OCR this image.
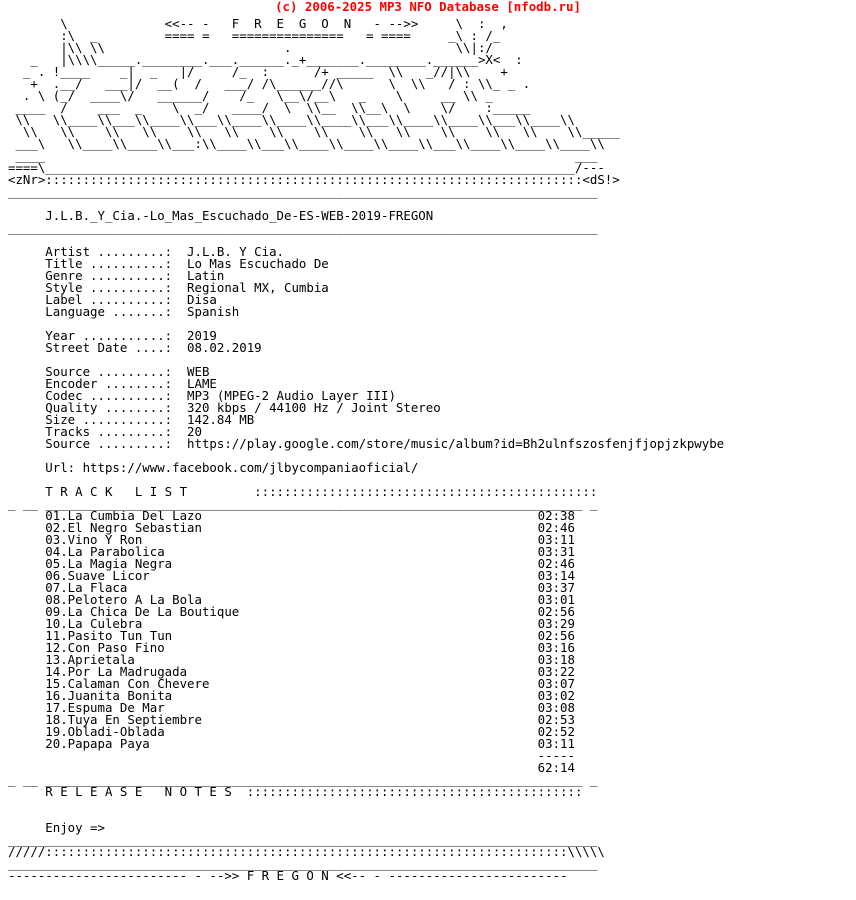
(c) 2006-2025 MP3 NFO Database [nfodb.ru]
\             <<-- -   F  R  E  G  O  N   - -->>     \  :  ,
:\  _         ==== =   ===============   = ====     _\ : /_
|\\ \\                        .                      \\|:/
_   |\\\\_____.________.___.______._+_______.________.______>X<  :
_ . !____    _|  _   |/     /_  :      /+ _____  \\   _//|\\    +
+  .__/   ___|/  __(  /   ___/ /\______//\      \  \\   / : \\_ _ .
. \ (_/  ____\/   ______/    /_   \__\/__\   _    \     __ \\ _
____  /    ___  _    \  _/   ____/  \  \\__  \\__\  \    \/    :_____
\\   \\____\\___\\____\\___\\____\\____\\____\\___\\____\\____\\___\\____\\
\\   \\    \\   \\    \\   \\    \\    \\    \\   \\    \\    \\   \\    \\_____
___\   \\____\\____\\___:\\____\\___\\____\\____\\____\\___\\____\\____\\____\\
____                                                                       ___
====\_______________________________________________________________________/---
<zNr>::::::::::::::::::::::::::::::::::::::::::::::::::::::::::::::::::::::::<dS!>
_______________________________________________________________________________

J.L.B._Y_Cia.-Lo_Mas_Escuchado_De-ES-WEB-2019-FREGON
_______________________________________________________________________________

Artist .........:  J.L.B. Y Cia.
Title ..........:  Lo Mas Escuchado De
Genre ..........:  Latin
Style ..........:  Regional MX, Cumbia
Label ..........:  Disa
Language .......:  Spanish

Year ...........:  2019
Street Date ....:  08.02.2019

Source .........:  WEB
Encoder ........:  LAME
Codec ..........:  MP3 (MPEG-2 Audio Layer III)
Quality ........:  320 kbps / 44100 Hz / Joint Stereo
Size ...........:  142.84 MB
Tracks .........:  20
Source .........:  https://play.google.com/store/music/album?id=Bh2ulnfszosfenjfjopjzkpwybe

Url: https://www.facebook.com/jlbycompaniaoficial/

T R A C K   L I S T         ::::::::::::::::::::::::::::::::::::::::::::::
_ __ ________________________________________________________________________ _
01.La Cumbia Del Lazo                                             02:38
02.El Negro Sebastian                                             02:46
03.Vino Y Ron                                                     03:11
04.La Parabolica                                                  03:31
05.La Magia Negra                                                 02:46
06.Suave Licor                                                    03:14
07.La Flaca                                                       03:37
08.Pelotero A La Bola                                             03:01
09.La Chica De La Boutique                                        02:56
10.La Culebra                                                     03:29
11.Pasito Tun Tun                                                 02:56
12.Con Paso Fino                                                  03:16
13.Aprietala                                                      03:18
14.Por La Madrugada                                               03:22
15.Calaman Con Chevere                                            03:07
16.Juanita Bonita                                                 03:02
17.Espuma De Mar                                                  03:08
18.Tuya En Septiembre                                             02:53
19.Obladi-Oblada                                                  02:52
20.Papapa Paya                                                    03:11
-----
62:14
_ __ ________________________________________________________________________ _
R E L E A S E   N O T E S  :::::::::::::::::::::::::::::::::::::::::::::

Enjoy =>
_______________________________________________________________________________
/////::::::::::::::::::::::::::::::::::::::::::::::::::::::::::::::::::::::\\\\\
_______________________________________________________________________________
------------------------ - -->> F R E G O N <<-- - ------------------------
